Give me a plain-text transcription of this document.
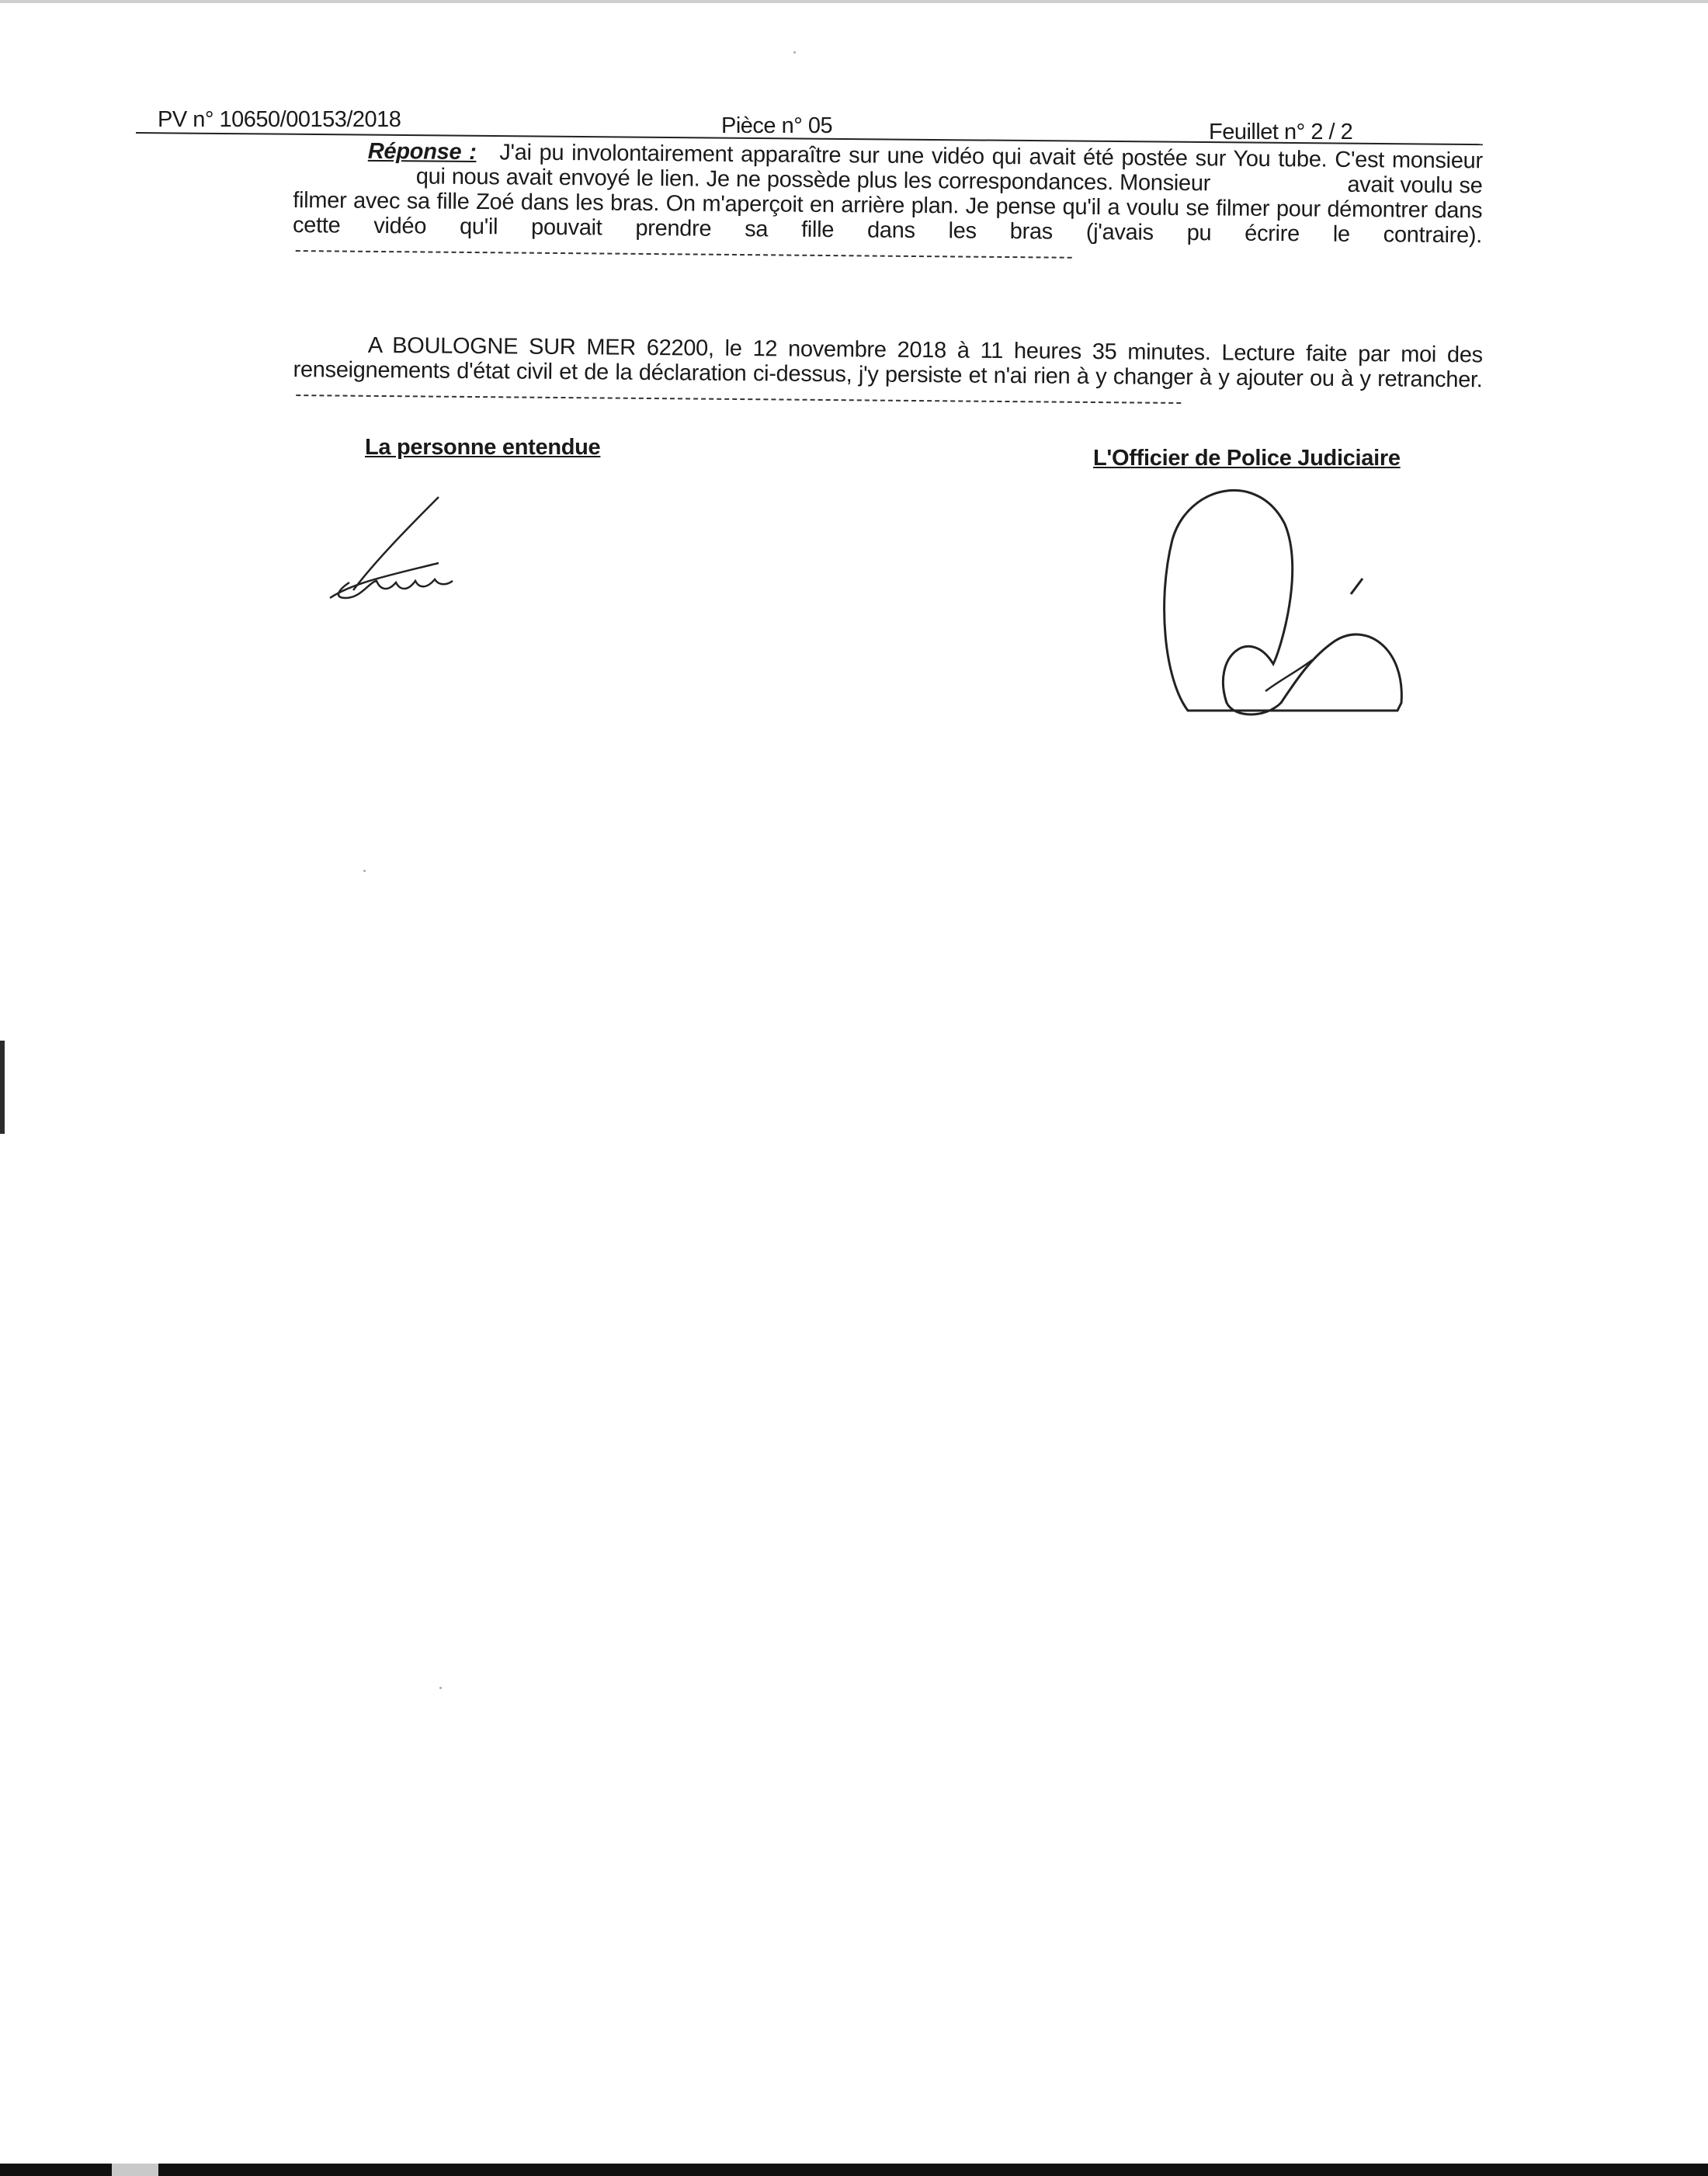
PV n° 10650/00153/2018	Pièce n° 05	Feuillet n° 2 / 2

Réponse : J'ai pu involontairement apparaître sur une vidéo qui avait été postée sur You tube. C'est monsieur  qui nous avait envoyé le lien. Je ne possède plus les correspondances. Monsieur	avait voulu se filmer avec sa fille Zoé dans les bras. On m'aperçoit en arrière plan. Je pense qu'il a voulu se filmer pour démontrer dans cette vidéo qu'il pouvait prendre sa fille dans les bras (j'avais pu écrire le contraire).

A BOULOGNE SUR MER 62200, le 12 novembre 2018 à 11 heures 35 minutes. Lecture faite par moi des renseignements d'état civil et de la déclaration ci-dessus, j'y persiste et n'ai rien à y changer à y ajouter ou à y retrancher.

La personne entendue	L'Officier de Police Judiciaire
